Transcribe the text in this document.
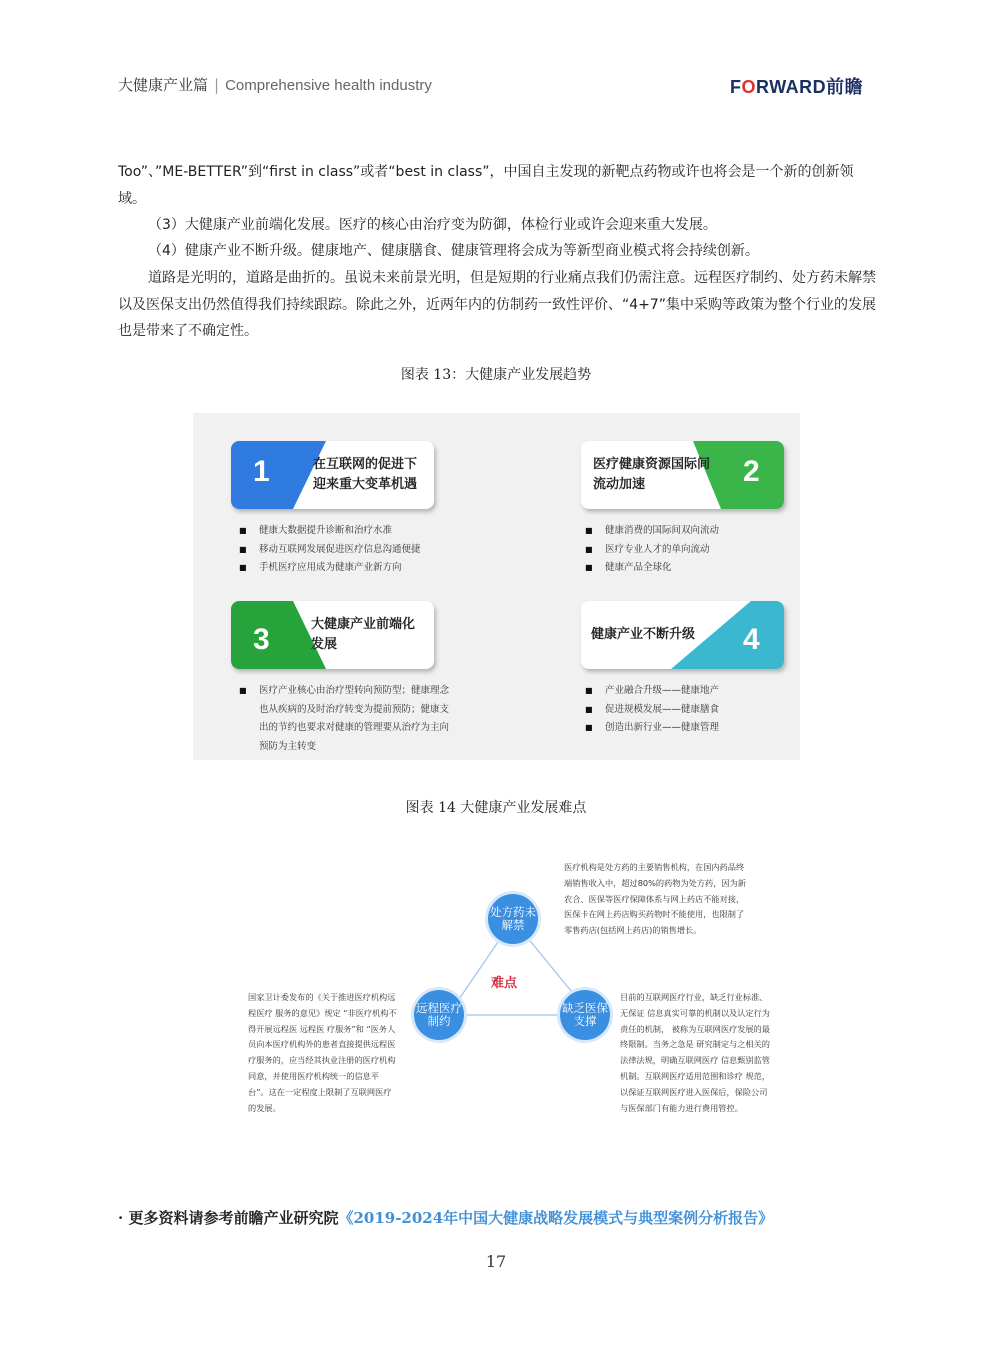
大健康产业篇 | Comprehensive health industry	FORWARD前瞻

Too”、”ME-BETTER”到“first in class”或者“best in class”，中国自主发现的新靶点药物或许也将会是一个新的创新领域。

（3）大健康产业前端化发展。医疗的核心由治疗变为防御，体检行业或许会迎来重大发展。

（4）健康产业不断升级。健康地产、健康膳食、健康管理将会成为等新型商业模式将会持续创新。

道路是光明的，道路是曲折的。虽说未来前景光明，但是短期的行业痛点我们仍需注意。远程医疗制约、处方药未解禁以及医保支出仍然值得我们持续跟踪。除此之外，近两年内的仿制药一致性评价、“4+7”集中采购等政策为整个行业的发展也是带来了不确定性。

图表 13：大健康产业发展趋势
1	在互联网的促进下迎来重大变革机遇
■ 健康大数据提升诊断和治疗水准
■ 移动互联网发展促进医疗信息沟通便捷
■ 手机医疗应用成为健康产业新方向
医疗健康资源国际间流动加速	2
■ 健康消费的国际间双向流动
■ 医疗专业人才的单向流动
■ 健康产品全球化
3	大健康产业前端化发展
■ 医疗产业核心由治疗型转向预防型；健康理念也从疾病的及时治疗转变为提前预防；健康支出的节约也要求对健康的管理要从治疗为主向预防为主转变
健康产业不断升级	4
■ 产业融合升级——健康地产
■ 促进规模发展——健康膳食
■ 创造出新行业——健康管理
图表 14 大健康产业发展难点
处方药未解禁
远程医疗制约
缺乏医保支撑
难点
医疗机构是处方药的主要销售机构，在国内药品终端销售收入中，超过80%的药物为处方药，因为新农合、医保等医疗保障体系与网上药店不能对接，医保卡在网上药店购买药物时不能使用，也限制了零售药店(包括网上药店)的销售增长。
国家卫计委发布的《关于推进医疗机构远程医疗 服务的意见》规定 “非医疗机构不得开展远程医 远程医 疗服务”和 “医务人员向本医疗机构外的患者直接提供远程医疗服务的，应当经其执业注册的医疗机构同意，并使用医疗机构统一的信息平 台”。这在一定程度上限制了互联网医疗的发展。
目前的互联网医疗行业，缺乏行业标准、无保证 信息真实可靠的机制以及认定行为责任的机制， 被称为互联网医疗发展的最终限制。当务之急是 研究制定与之相关的法律法规，明确互联网医疗 信息甄别监管机制。互联网医疗适用范围和诊疗 规范，以保证互联网医疗进入医保后，保险公司 与医保部门有能力进行费用管控。
· 更多资料请参考前瞻产业研究院《2019-2024年中国大健康战略发展模式与典型案例分析报告》
17
